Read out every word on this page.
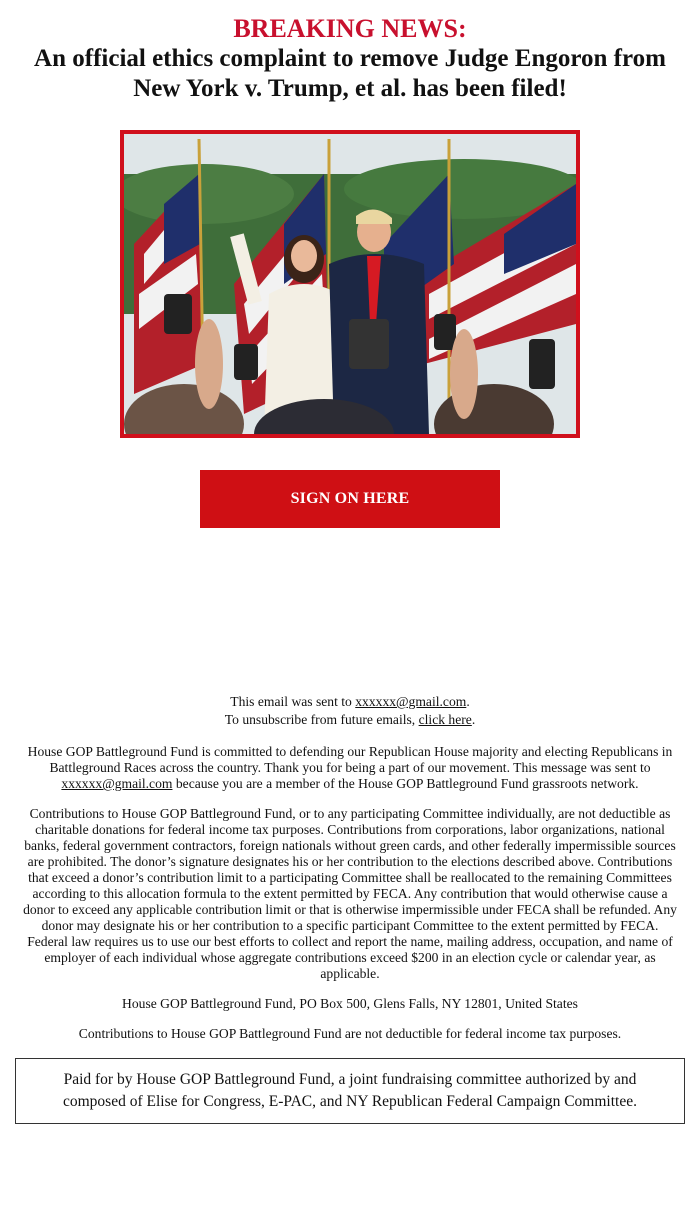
BREAKING NEWS:
An official ethics complaint to remove Judge Engoron from New York v. Trump, et al. has been filed!
SIGN ON HERE

This email was sent to xxxxxx@gmail.com.

To unsubscribe from future emails, click here.

House GOP Battleground Fund is committed to defending our Republican House majority and electing Republicans in Battleground Races across the country. Thank you for being a part of our movement. This message was sent to xxxxxx@gmail.com because you are a member of the House GOP Battleground Fund grassroots network.

Contributions to House GOP Battleground Fund, or to any participating Committee individually, are not deductible as charitable donations for federal income tax purposes. Contributions from corporations, labor organizations, national banks, federal government contractors, foreign nationals without green cards, and other federally impermissible sources are prohibited. The donor’s signature designates his or her contribution to the elections described above. Contributions that exceed a donor’s contribution limit to a participating Committee shall be reallocated to the remaining Committees according to this allocation formula to the extent permitted by FECA. Any contribution that would otherwise cause a donor to exceed any applicable contribution limit or that is otherwise impermissible under FECA shall be refunded. Any donor may designate his or her contribution to a specific participant Committee to the extent permitted by FECA. Federal law requires us to use our best efforts to collect and report the name, mailing address, occupation, and name of employer of each individual whose aggregate contributions exceed $200 in an election cycle or calendar year, as applicable.

House GOP Battleground Fund, PO Box 500, Glens Falls, NY 12801, United States

Contributions to House GOP Battleground Fund are not deductible for federal income tax purposes.

Paid for by House GOP Battleground Fund, a joint fundraising committee authorized by and composed of Elise for Congress, E-PAC, and NY Republican Federal Campaign Committee.
